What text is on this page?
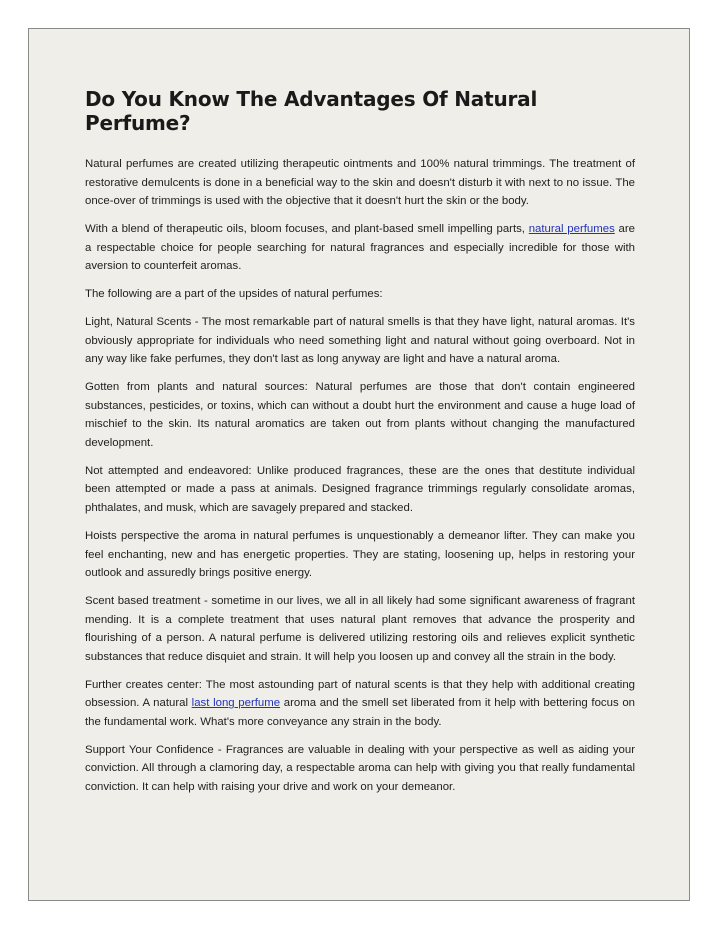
Do You Know The Advantages Of Natural Perfume?

Natural perfumes are created utilizing therapeutic ointments and 100% natural trimmings. The treatment of restorative demulcents is done in a beneficial way to the skin and doesn't disturb it with next to no issue. The once-over of trimmings is used with the objective that it doesn't hurt the skin or the body.

With a blend of therapeutic oils, bloom focuses, and plant-based smell impelling parts, natural perfumes are a respectable choice for people searching for natural fragrances and especially incredible for those with aversion to counterfeit aromas.

The following are a part of the upsides of natural perfumes:

Light, Natural Scents - The most remarkable part of natural smells is that they have light, natural aromas. It's obviously appropriate for individuals who need something light and natural without going overboard. Not in any way like fake perfumes, they don't last as long anyway are light and have a natural aroma.

Gotten from plants and natural sources: Natural perfumes are those that don't contain engineered substances, pesticides, or toxins, which can without a doubt hurt the environment and cause a huge load of mischief to the skin. Its natural aromatics are taken out from plants without changing the manufactured development.

Not attempted and endeavored: Unlike produced fragrances, these are the ones that destitute individual been attempted or made a pass at animals. Designed fragrance trimmings regularly consolidate aromas, phthalates, and musk, which are savagely prepared and stacked.

Hoists perspective the aroma in natural perfumes is unquestionably a demeanor lifter. They can make you feel enchanting, new and has energetic properties. They are stating, loosening up, helps in restoring your outlook and assuredly brings positive energy.

Scent based treatment - sometime in our lives, we all in all likely had some significant awareness of fragrant mending. It is a complete treatment that uses natural plant removes that advance the prosperity and flourishing of a person. A natural perfume is delivered utilizing restoring oils and relieves explicit synthetic substances that reduce disquiet and strain. It will help you loosen up and convey all the strain in the body.

Further creates center: The most astounding part of natural scents is that they help with additional creating obsession. A natural last long perfume aroma and the smell set liberated from it help with bettering focus on the fundamental work. What's more conveyance any strain in the body.

Support Your Confidence - Fragrances are valuable in dealing with your perspective as well as aiding your conviction. All through a clamoring day, a respectable aroma can help with giving you that really fundamental conviction. It can help with raising your drive and work on your demeanor.
